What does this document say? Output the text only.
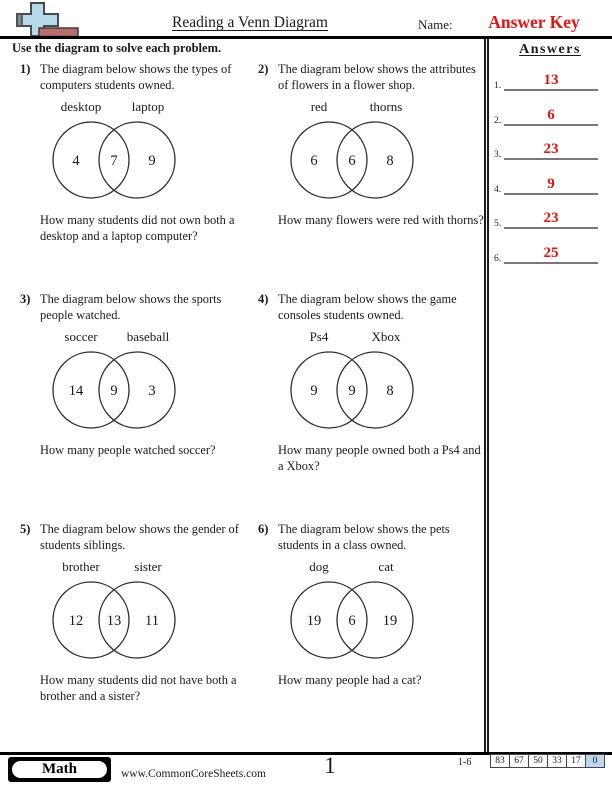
Reading a Venn Diagram	Name:	Answer Key
Use the diagram to solve each problem.	Answers
1.	13
2.	6
3.	23
4.	9
5.	23
6.	25
1) The diagram below shows the types of computers students owned.
desktop laptop
4 7 9
How many students did not own both a desktop and a laptop computer?
2) The diagram below shows the attributes of flowers in a flower shop.
red	thorns
6 6 8
How many flowers were red with thorns?
3) The diagram below shows the sports people watched.
soccer baseball
14 9 3
How many people watched soccer?
4) The diagram below shows the game consoles students owned.
Ps4	Xbox
9 9 8
How many people owned both a Ps4 and a Xbox?
5) The diagram below shows the gender of students siblings.
brother	sister
12 13 11
How many students did not have both a brother and a sister?
6) The diagram below shows the pets students in a class owned.
dog	cat
19 6 19
How many people had a cat?
Math	www.CommonCoreSheets.com	1	1-6	83	67	50	33	17	0
